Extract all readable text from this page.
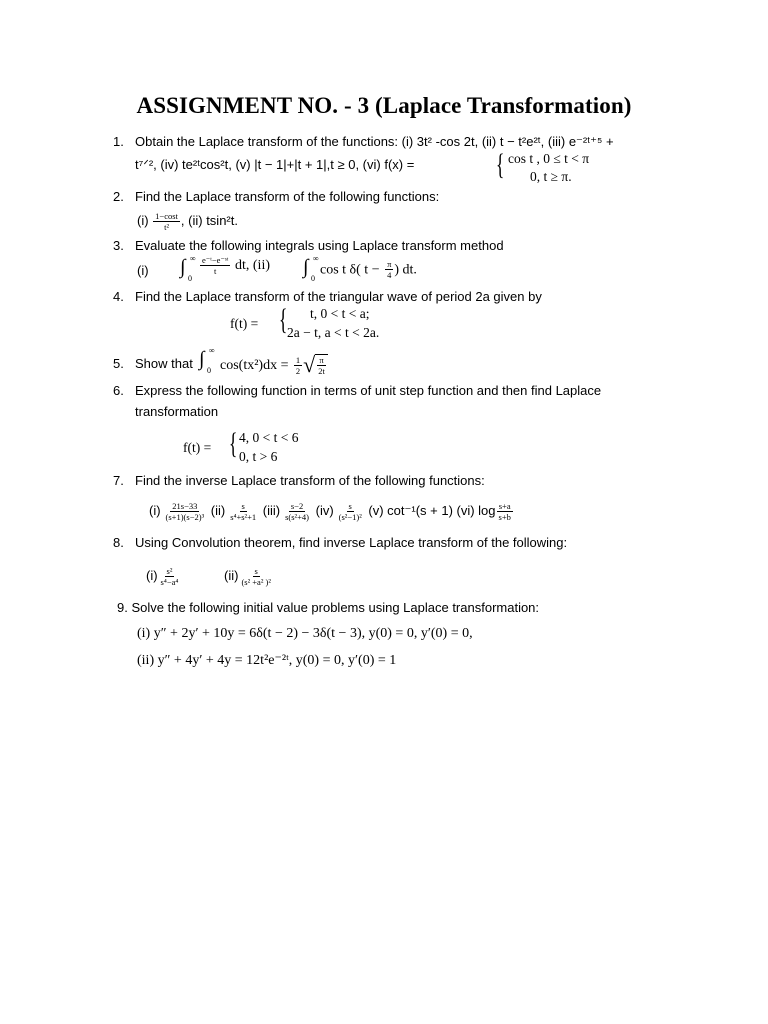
ASSIGNMENT NO. - 3 (Laplace Transformation)
1. Obtain the Laplace transform of the functions: (i) 3t² -cos 2t, (ii) t − t²e²ᵗ, (iii) e⁻²ᵗ⁺⁵ +
t⁷ᐟ², (iv) te²ᵗcos²t, (v) |t − 1|+|t + 1|,t ≥ 0, (vi) f(x) =	{ cos t , 0 ≤ t < π
0, t ≥ π.
2. Find the Laplace transform of the following functions:
$(i) \frac{1-\cos t}{\text{t²}}$ , (ii) tsin²t.
3. Evaluate the following integrals using Laplace transform method
(i) ∫
0
∞ $\frac{\text{e⁻ᵗ−e⁻ˢᵗ}}{t}$ dt, (ii) ∫
0
∞
cos t δ( $t - \frac{\pi}{4}$ ) dt.
4. Find the Laplace transform of the triangular wave of period 2a given by
f(t) = { t, 0 < t < a;
2a − t, a < t < 2a.
5. Show that ∫
0
∞
$\cos(tx^2)dx = \frac{1}{2}$ √ $\frac{\pi}{2t}$
6. Express the following function in terms of unit step function and then find Laplace
transformation
f(t) = { 4, 0 < t < 6
0, t > 6
7. Find the inverse Laplace transform of the following functions:
$(i) \frac{21s-33}{\text{(s+1)(s−2)³}} (ii) \frac{s}{\text{s⁴+s²+1}} (iii) \frac{s-2}{\text{s(s²+4)}} (iv) \frac{s}{\text{(s²−1)²}} (v) \cot^{-1}(s + 1)$ (vi) $\log \frac{s+a}{s+b}$
8. Using Convolution theorem, find inverse Laplace transform of the following:
$(i) \frac{\text{s²}}{\text{s⁴−a⁴}}$	$(ii) \frac{s}{\text{(s² +a² )²}}$
9. Solve the following initial value problems using Laplace transformation:
(i) y″ + 2y′ + 10y = 6δ(t − 2) − 3δ(t − 3), y(0) = 0, y′(0) = 0,
(ii) y″ + 4y′ + 4y = 12t²e⁻²ᵗ, y(0) = 0, y′(0) = 1
